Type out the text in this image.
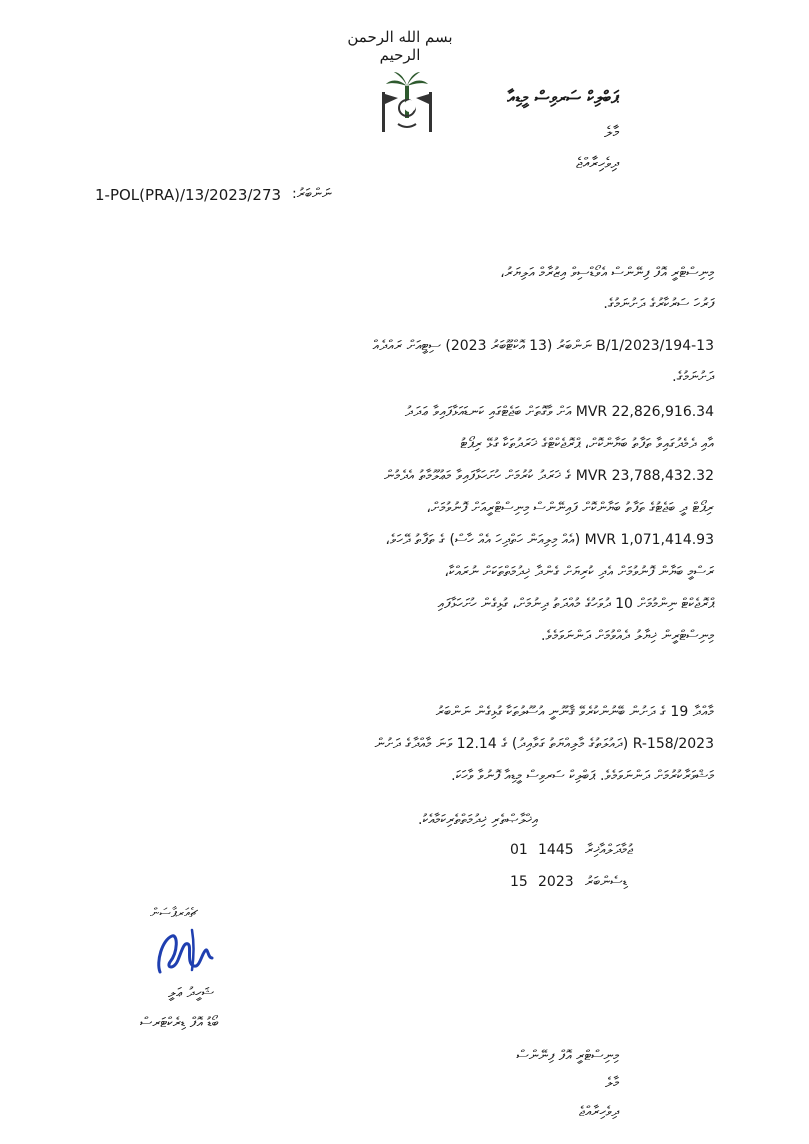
بسم الله الرحمن الرحيم
ޕަބްލިކް ސަރވިސް މީޑިއާ
މާލެ
ދިވެހިރާއްޖެ
1-POL(PRA)/13/2023/273 ނަންބަރު:
މިނިސްޓްރީ އޮފް ފިނޭންސް އެވޯޑްސިވް އިޒުރާމް އަލިޔަރު،
ފަރުހަ ސަރުކާރުގެ ދަށުނަމުގެ.
13-B/1/2023/194 ނަންބަރު (13 އޮކްޓޫބަރު 2023) ސިޓީއަށް ރައްދެއް
ދަށުނަމުގެ.
MVR 22,826,916.34 އަށް ވާގޮތަށް ބަޖެޓްގައި ކަނޑައަޅާފައިވާ ޢަދަދު
އާއި ދެމެދުގައިވާ ތަފާތު ބަޔާންކޮށް، ޕްރޮޖެކްޓްގެ ޚަރަދުތަކާ ގުޅޭ ރިޕޯޓު
MVR 23,788,432.32 ގެ ޚަރަދު ކުރުމަށް ހުށަހަޅާފައިވާ މަޢުލޫމާތު އެދެމުން
ރިޕޯޓް ދީ ބަޖެޓުގެ ތަފާތު ބަޔާންކޮށް ފައިނޭންސް މިނިސްޓްރީއަށް ފޮނުވުމަށް،
MVR 1,071,414.93 (އެއް މިލިއަން ހަތްދިހަ އެއް ހާސް) ގެ ތަފާތު ދޭހަވެ،
ރަސްމީ ބަޔާން ފޮނުވުމަށް އެދި ކުރިޔަށް ގެންދާ ޚިދުމަތްތަކަށް ނުރައްކާ،
ޕްރޮޖެކްޓް ނިންމުމަށް 10 ދުވަހުގެ މުއްދަތު ދިނުމަށް، ގުޅިގެން ހުށަހަޅާފައި
މިނިސްޓްރީން ޚިޔާލު ދެއްވުމަށް ދަންނަވަމެވެ.
މާއްދާ 19 ގެ ދަށުން ބޭނުންކުރެވޭ ޤާނޫނީ އުސޫލުތަކާ ގުޅިގެން ނަންބަރު
2023/R-158 (ދައުލަތުގެ މާލިއްޔަތު ގަވާއިދު) ގެ 12.14 ވަނަ މާއްދާގެ ދަށުން
މަޝްވަރާކުރުމަށް ދަންނަވަމެވެ. ޕަބްލިކް ސަރވިސް މީޑިއާ ފޮނުވާ ވާހަކަ.
އިޚްލާޞްތެރި ޚިދުމަތްތެރިކަމާއެކު.
01	ޖުމާދަލްއާޚިރާ
1445
15	ޑިސެންބަރު
2023
ޗެއަރޕާސަން
ޝަހީދު ޢަލީ
ބޯޑު އޮފް ޑިރެކްޓަރސް
މިނިސްޓްރީ އޮފް ފިނޭންސް
މާލެ
ދިވެހިރާއްޖެ
